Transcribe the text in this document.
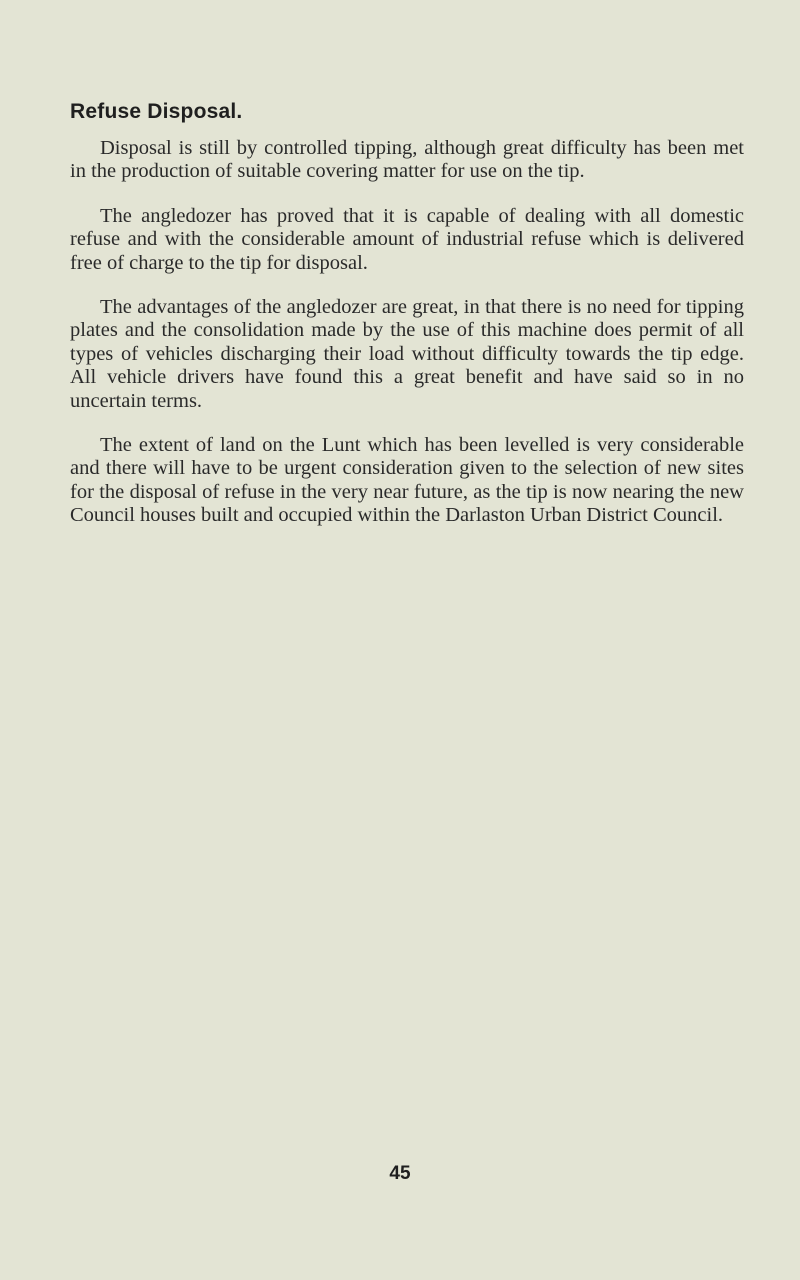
Refuse Disposal.

Disposal is still by controlled tipping, although great difficulty has been met in the production of suitable covering matter for use on the tip.

The angledozer has proved that it is capable of dealing with all domestic refuse and with the considerable amount of industrial refuse which is delivered free of charge to the tip for disposal.

The advantages of the angledozer are great, in that there is no need for tipping plates and the consolidation made by the use of this machine does permit of all types of vehicles discharging their load without difficulty towards the tip edge. All vehicle drivers have found this a great benefit and have said so in no uncertain terms.

The extent of land on the Lunt which has been levelled is very considerable and there will have to be urgent consideration given to the selection of new sites for the disposal of refuse in the very near future, as the tip is now nearing the new Council houses built and occupied within the Darlaston Urban District Council.

45
